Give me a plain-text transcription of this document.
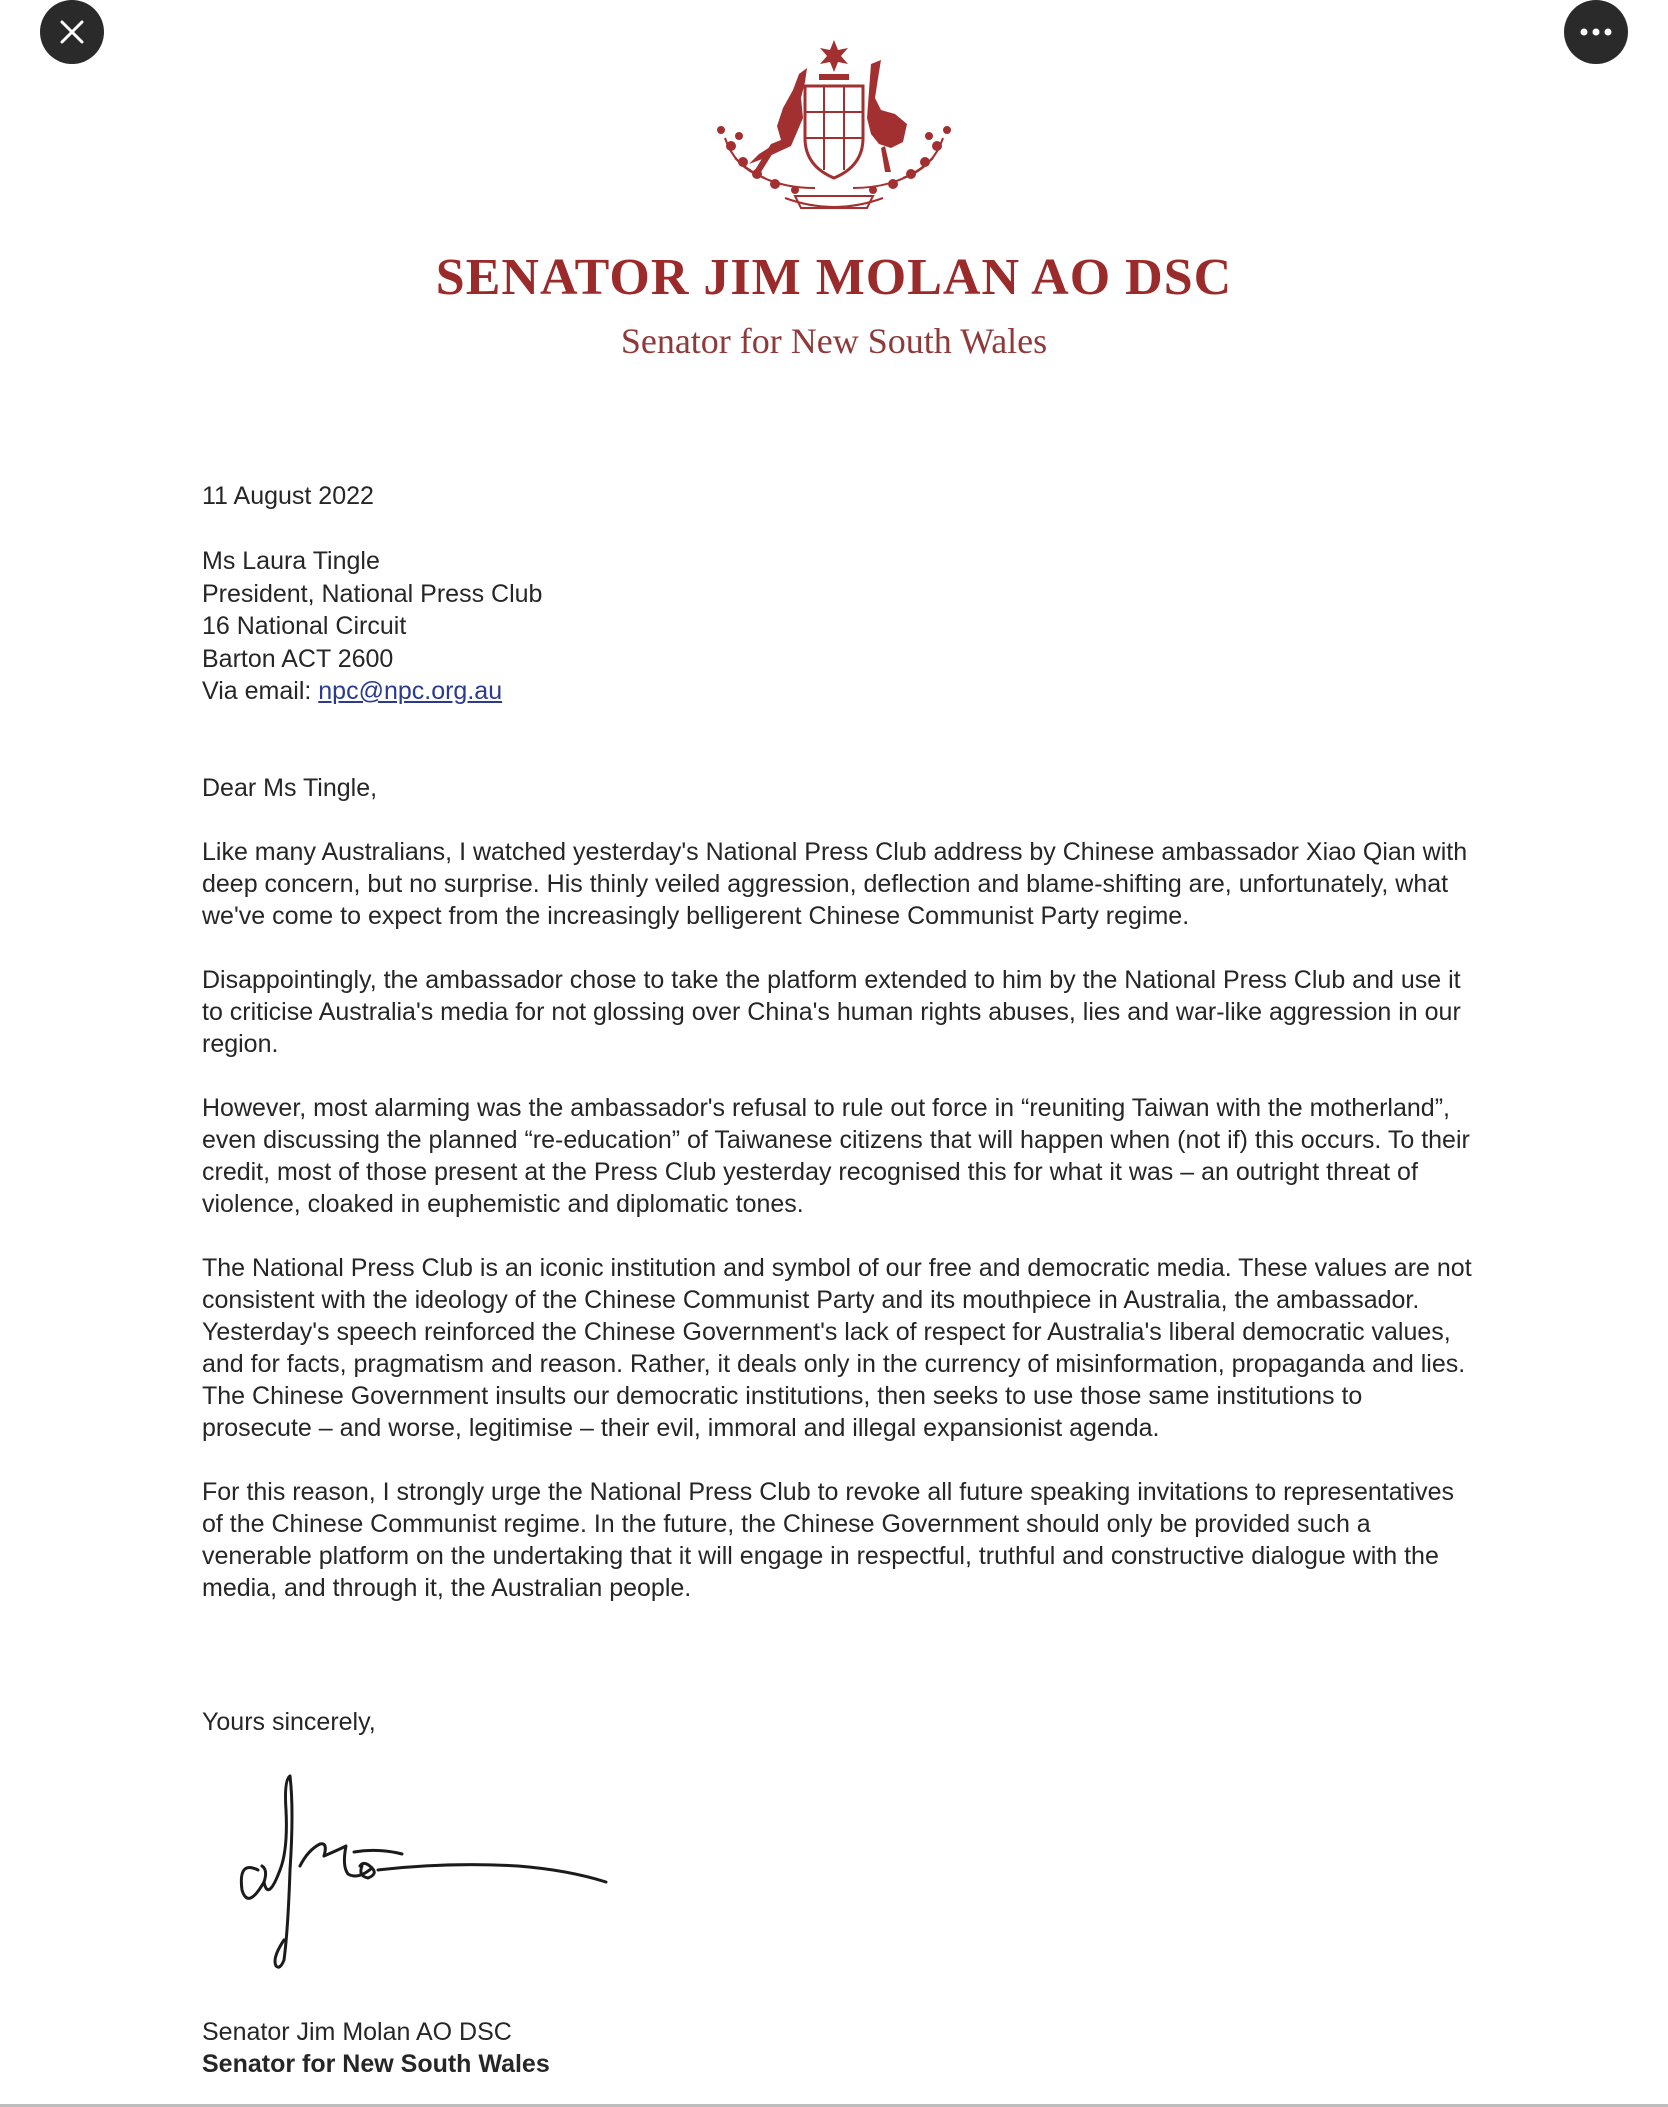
SENATOR JIM MOLAN AO DSC
Senator for New South Wales
11 August 2022
Ms Laura Tingle
President, National Press Club
16 National Circuit
Barton ACT 2600
Via email: npc@npc.org.au
Dear Ms Tingle,

Like many Australians, I watched yesterday's National Press Club address by Chinese ambassador Xiao Qian with deep concern, but no surprise. His thinly veiled aggression, deflection and blame-shifting are, unfortunately, what we've come to expect from the increasingly belligerent Chinese Communist Party regime.

Disappointingly, the ambassador chose to take the platform extended to him by the National Press Club and use it to criticise Australia's media for not glossing over China's human rights abuses, lies and war-like aggression in our region.

However, most alarming was the ambassador's refusal to rule out force in “reuniting Taiwan with the motherland”, even discussing the planned “re-education” of Taiwanese citizens that will happen when (not if) this occurs. To their credit, most of those present at the Press Club yesterday recognised this for what it was – an outright threat of violence, cloaked in euphemistic and diplomatic tones.

The National Press Club is an iconic institution and symbol of our free and democratic media. These values are not consistent with the ideology of the Chinese Communist Party and its mouthpiece in Australia, the ambassador. Yesterday's speech reinforced the Chinese Government's lack of respect for Australia's liberal democratic values, and for facts, pragmatism and reason. Rather, it deals only in the currency of misinformation, propaganda and lies. The Chinese Government insults our democratic institutions, then seeks to use those same institutions to prosecute – and worse, legitimise – their evil, immoral and illegal expansionist agenda.

For this reason, I strongly urge the National Press Club to revoke all future speaking invitations to representatives of the Chinese Communist regime. In the future, the Chinese Government should only be provided such a venerable platform on the undertaking that it will engage in respectful, truthful and constructive dialogue with the media, and through it, the Australian people.

Yours sincerely,
Senator Jim Molan AO DSC
Senator for New South Wales
